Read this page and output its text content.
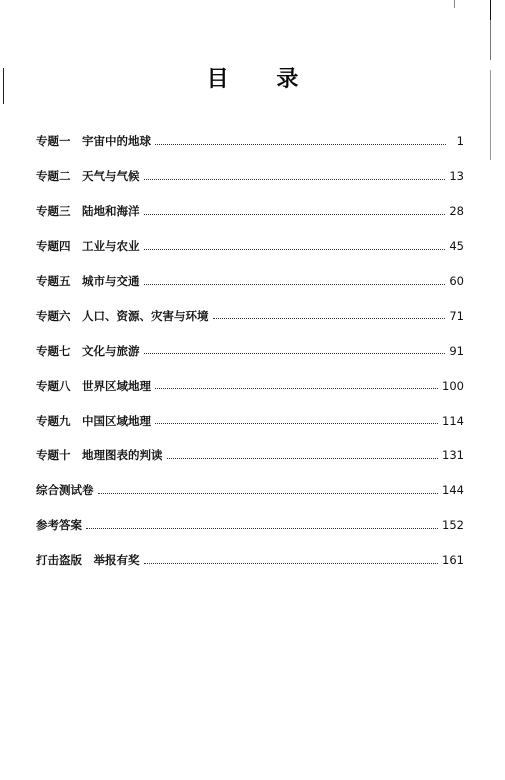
目 录
专题一　宇宙中的地球	1
专题二　天气与气候	13
专题三　陆地和海洋	28
专题四　工业与农业	45
专题五　城市与交通	60
专题六　人口、资源、灾害与环境	71
专题七　文化与旅游	91
专题八　世界区域地理	100
专题九　中国区域地理	114
专题十　地理图表的判读	131
综合测试卷	144
参考答案	152
打击盗版　举报有奖	161
